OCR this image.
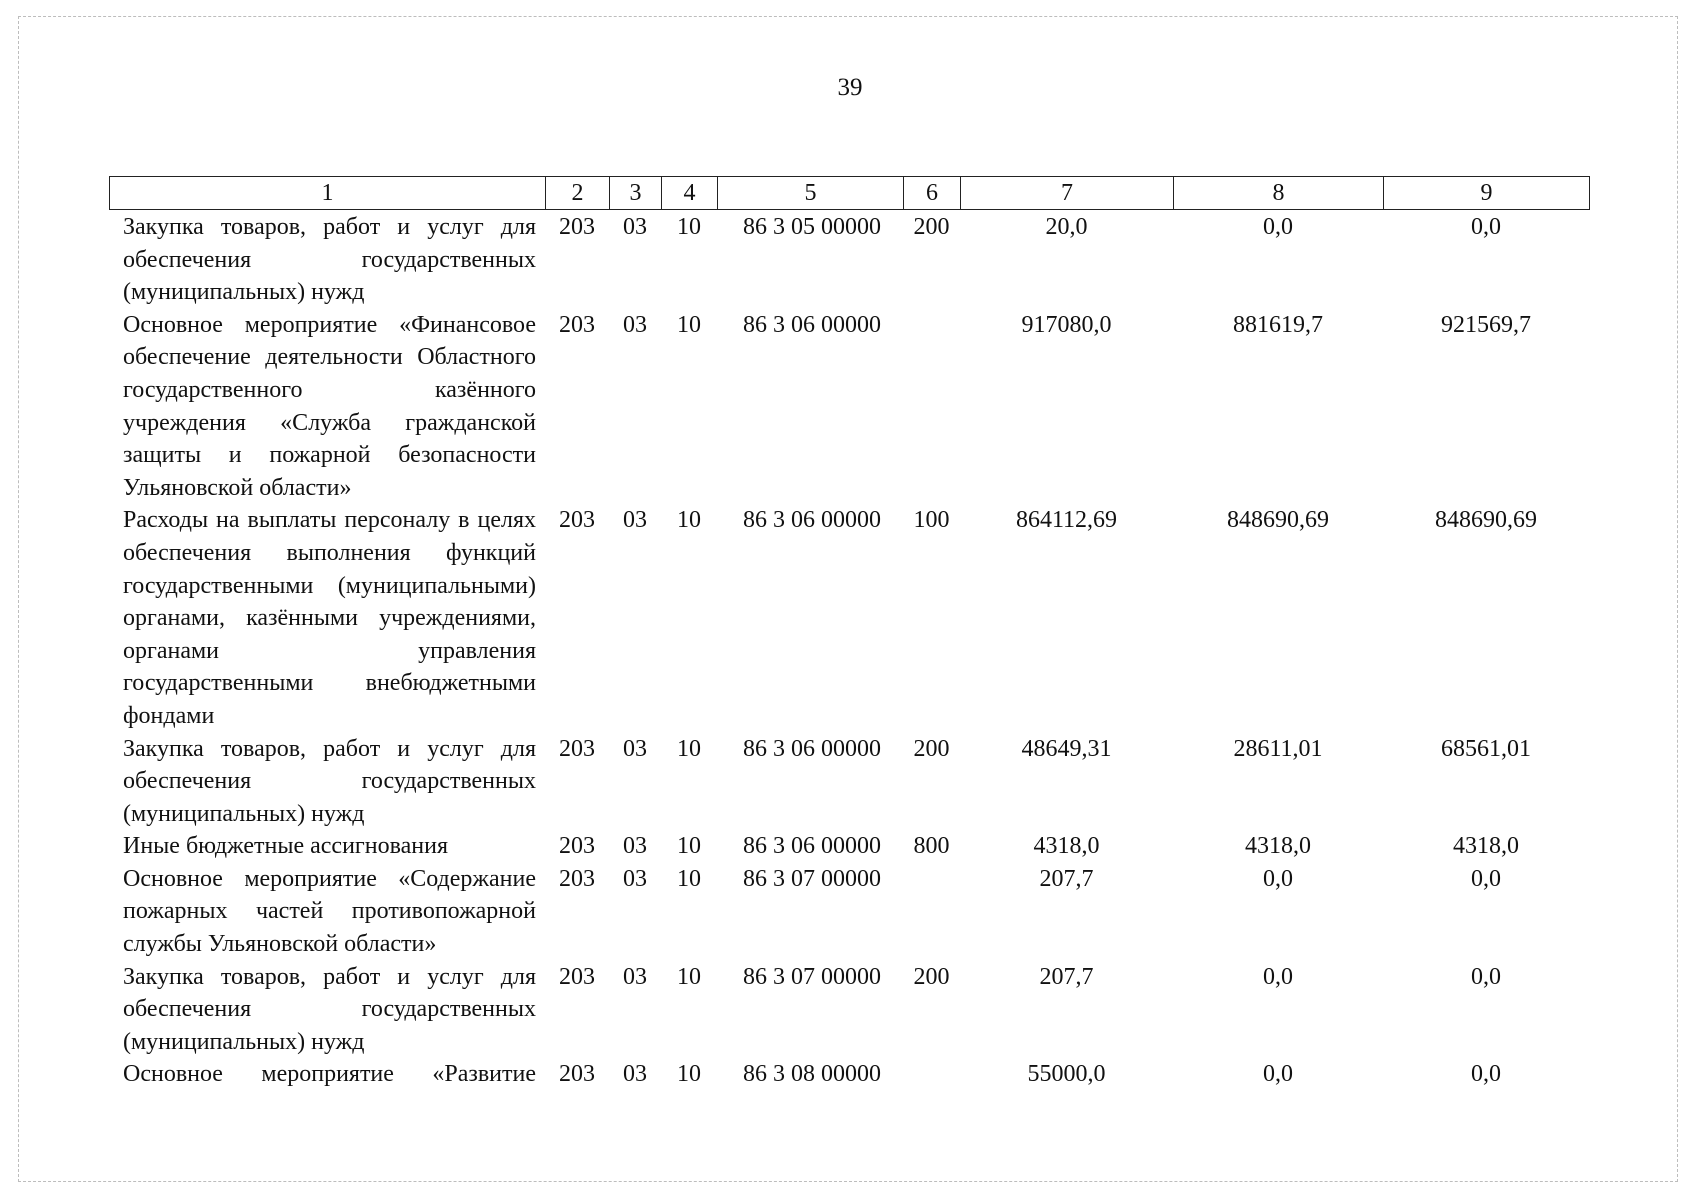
39
1	2	3	4	5	6	7	8	9
Закупка товаров, работ и услуг для обеспечения государственных (муниципальных) нужд	203	03	10	86 3 05 00000	200	20,0	0,0	0,0
Основное мероприятие «Финансовое обеспечение деятельности Областного государственного казённого учреждения «Служба гражданской защиты и пожарной безопасности Ульяновской области»	203	03	10	86 3 06 00000		917080,0	881619,7	921569,7
Расходы на выплаты персоналу в целях обеспечения выполнения функций государственными (муниципальными) органами, казёнными учреждениями, органами управления государственными внебюджетными фондами	203	03	10	86 3 06 00000	100	864112,69	848690,69	848690,69
Закупка товаров, работ и услуг для обеспечения государственных (муниципальных) нужд	203	03	10	86 3 06 00000	200	48649,31	28611,01	68561,01
Иные бюджетные ассигнования	203	03	10	86 3 06 00000	800	4318,0	4318,0	4318,0
Основное мероприятие «Содержание пожарных частей противопожарной службы Ульяновской области»	203	03	10	86 3 07 00000		207,7	0,0	0,0
Закупка товаров, работ и услуг для обеспечения государственных (муниципальных) нужд	203	03	10	86 3 07 00000	200	207,7	0,0	0,0
Основное мероприятие «Развитие	203	03	10	86 3 08 00000		55000,0	0,0	0,0
